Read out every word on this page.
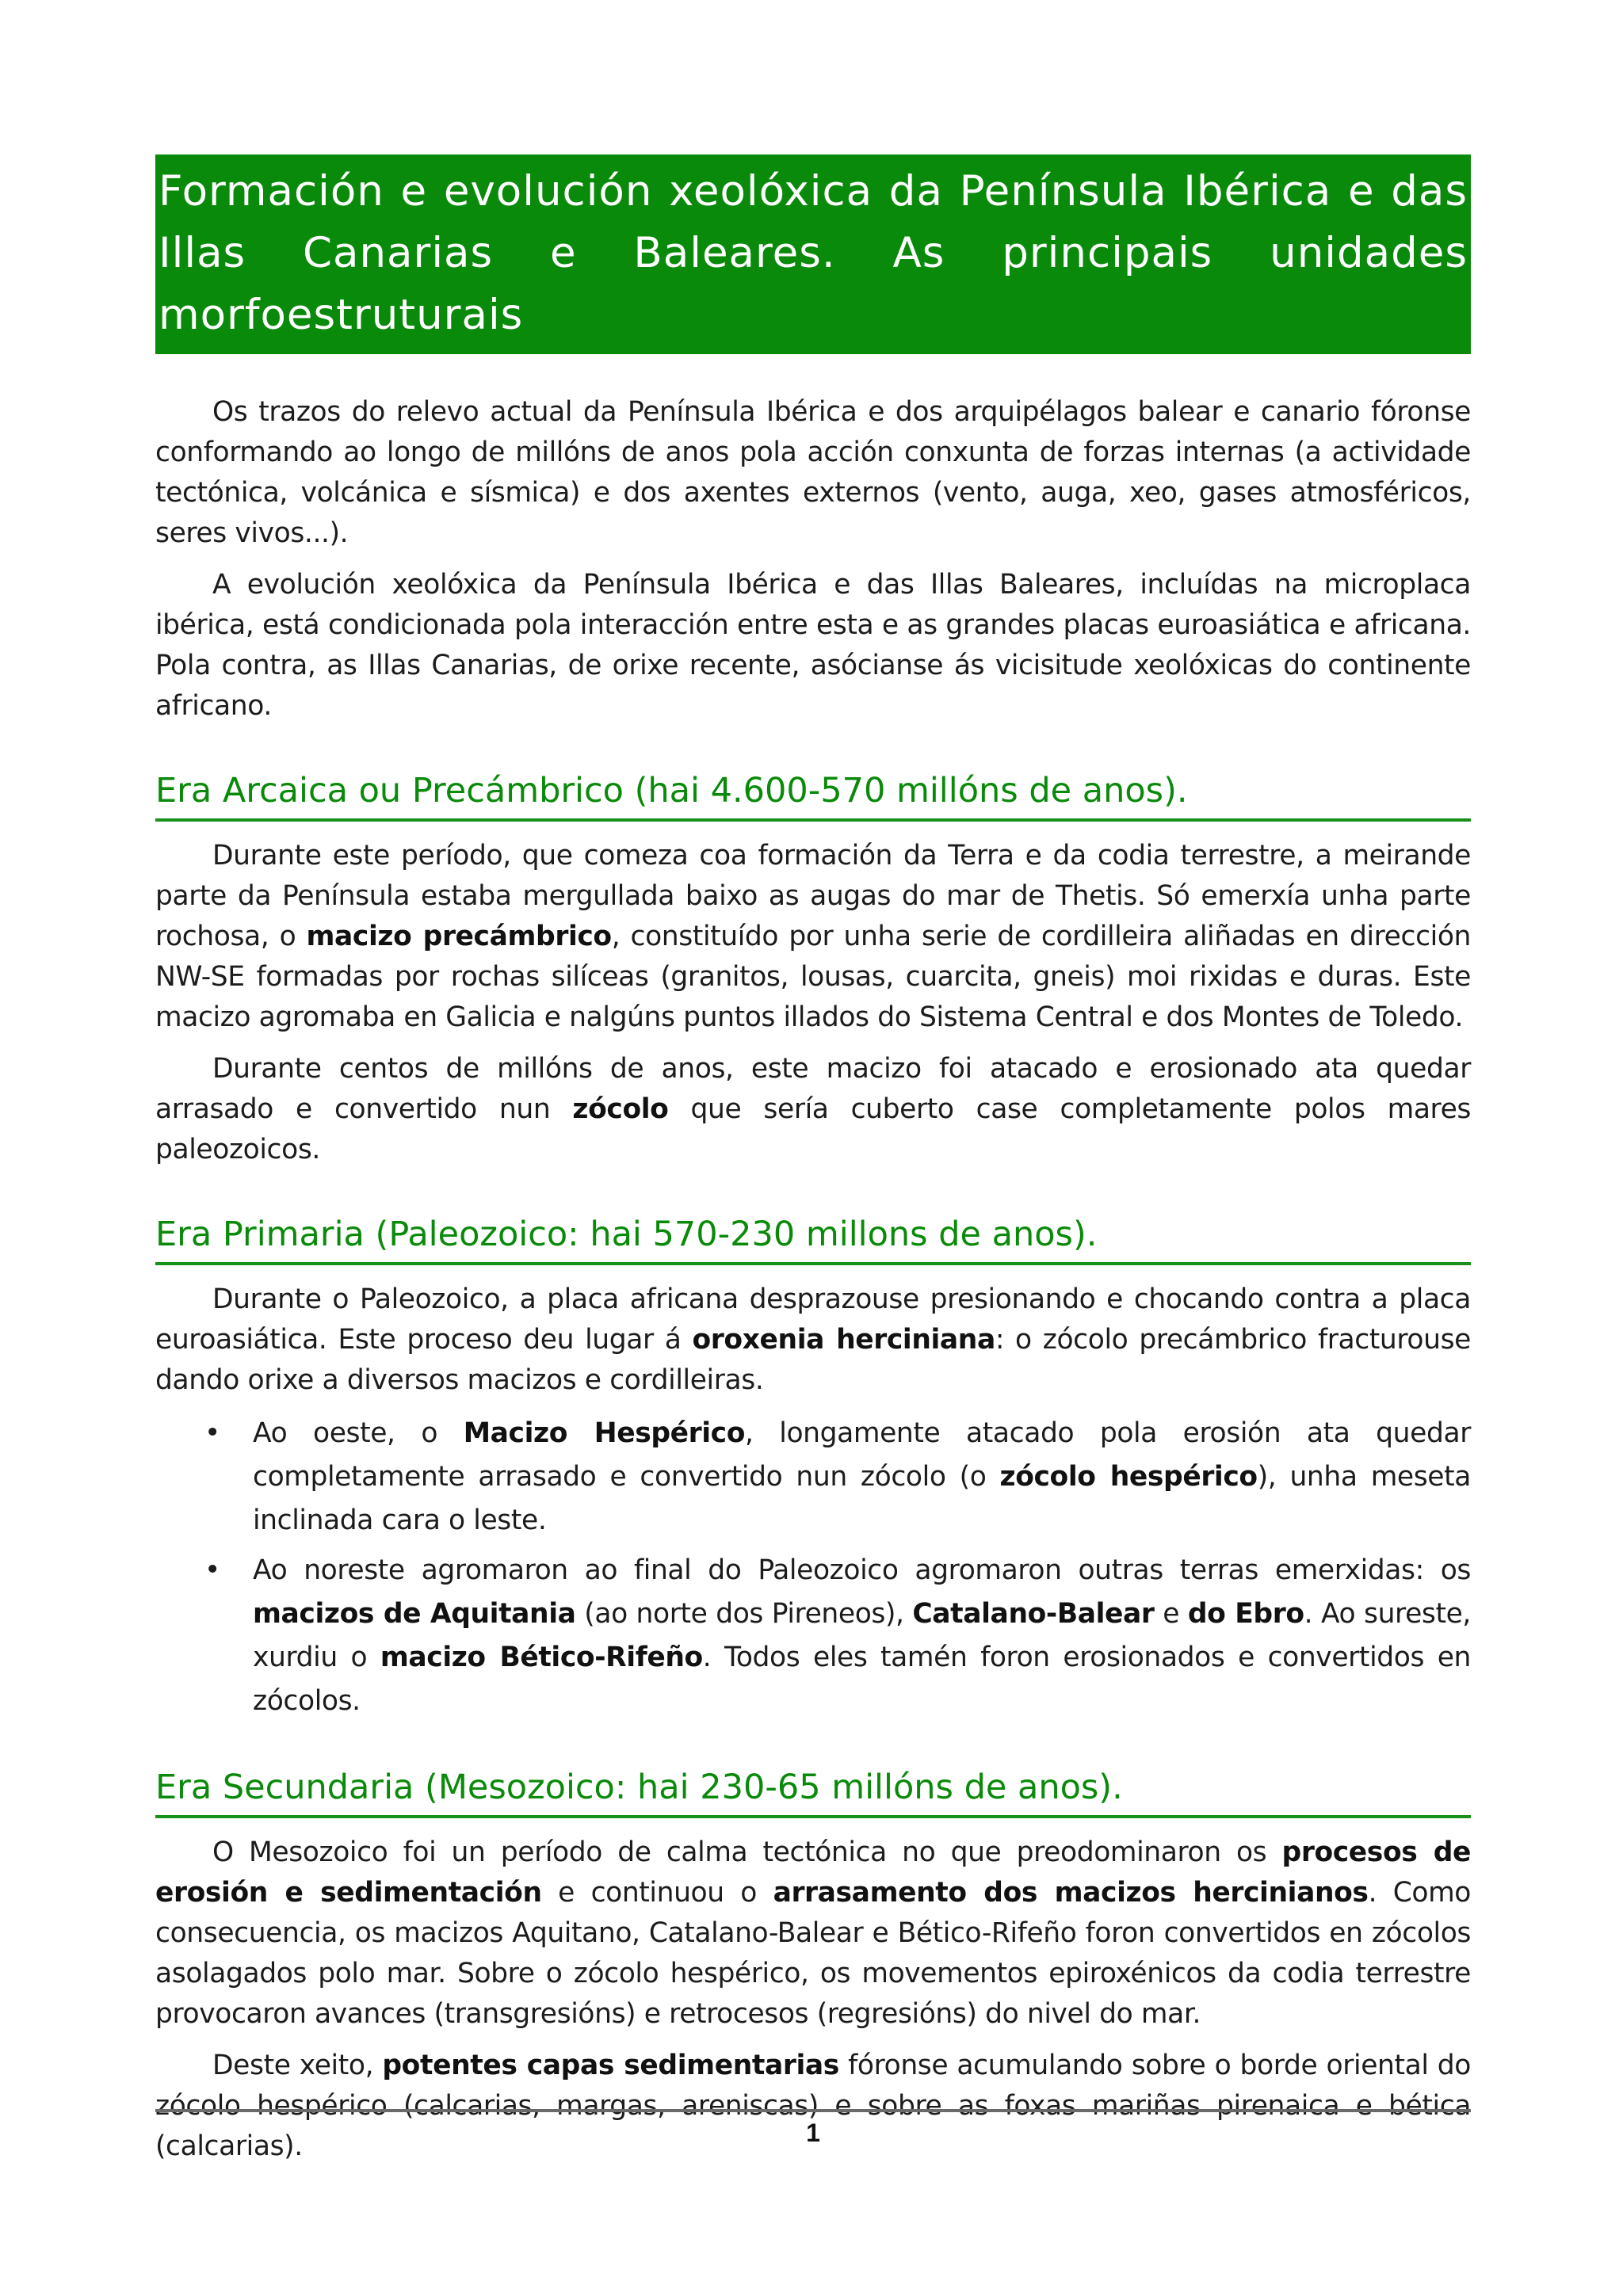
Formación e evolución xeolóxica da Península Ibérica e das Illas Canarias e Baleares. As principais unidades morfoestruturais

Os trazos do relevo actual da Península Ibérica e dos arquipélagos balear e canario fóronse conformando ao longo de millóns de anos pola acción conxunta de forzas internas (a actividade tectónica, volcánica e sísmica) e dos axentes externos (vento, auga, xeo, gases atmosféricos, seres vivos...).

A evolución xeolóxica da Península Ibérica e das Illas Baleares, incluídas na microplaca ibérica, está condicionada pola interacción entre esta e as grandes placas euroasiática e africana. Pola contra, as Illas Canarias, de orixe recente, asócianse ás vicisitude xeolóxicas do continente africano.

Era Arcaica ou Precámbrico (hai 4.600-570 millóns de anos).

Durante este período, que comeza coa formación da Terra e da codia terrestre, a meirande parte da Península estaba mergullada baixo as augas do mar de Thetis. Só emerxía unha parte rochosa, o macizo precámbrico, constituído por unha serie de cordilleira aliñadas en dirección NW-SE formadas por rochas silíceas (granitos, lousas, cuarcita, gneis) moi rixidas e duras. Este macizo agromaba en Galicia e nalgúns puntos illados do Sistema Central e dos Montes de Toledo.

Durante centos de millóns de anos, este macizo foi atacado e erosionado ata quedar arrasado e convertido nun zócolo que sería cuberto case completamente polos mares paleozoicos.

Era Primaria (Paleozoico: hai 570-230 millons de anos).

Durante o Paleozoico, a placa africana desprazouse presionando e chocando contra a placa euroasiática. Este proceso deu lugar á oroxenia herciniana: o zócolo precámbrico fracturouse dando orixe a diversos macizos e cordilleiras.

• Ao oeste, o Macizo Hespérico, longamente atacado pola erosión ata quedar completamente arrasado e convertido nun zócolo (o zócolo hespérico), unha meseta inclinada cara o leste.
• Ao noreste agromaron ao final do Paleozoico agromaron outras terras emerxidas: os macizos de Aquitania (ao norte dos Pireneos), Catalano-Balear e do Ebro. Ao sureste, xurdiu o macizo Bético-Rifeño. Todos eles tamén foron erosionados e convertidos en zócolos.
Era Secundaria (Mesozoico: hai 230-65 millóns de anos).

O Mesozoico foi un período de calma tectónica no que preodominaron os procesos de erosión e sedimentación e continuou o arrasamento dos macizos hercinianos. Como consecuencia, os macizos Aquitano, Catalano-Balear e Bético-Rifeño foron convertidos en zócolos asolagados polo mar. Sobre o zócolo hespérico, os movementos epiroxénicos da codia terrestre provocaron avances (transgresións) e retrocesos (regresións) do nivel do mar.

Deste xeito, potentes capas sedimentarias fóronse acumulando sobre o borde oriental do zócolo hespérico (calcarias, margas, areniscas) e sobre as foxas mariñas pirenaica e bética (calcarias).	1
